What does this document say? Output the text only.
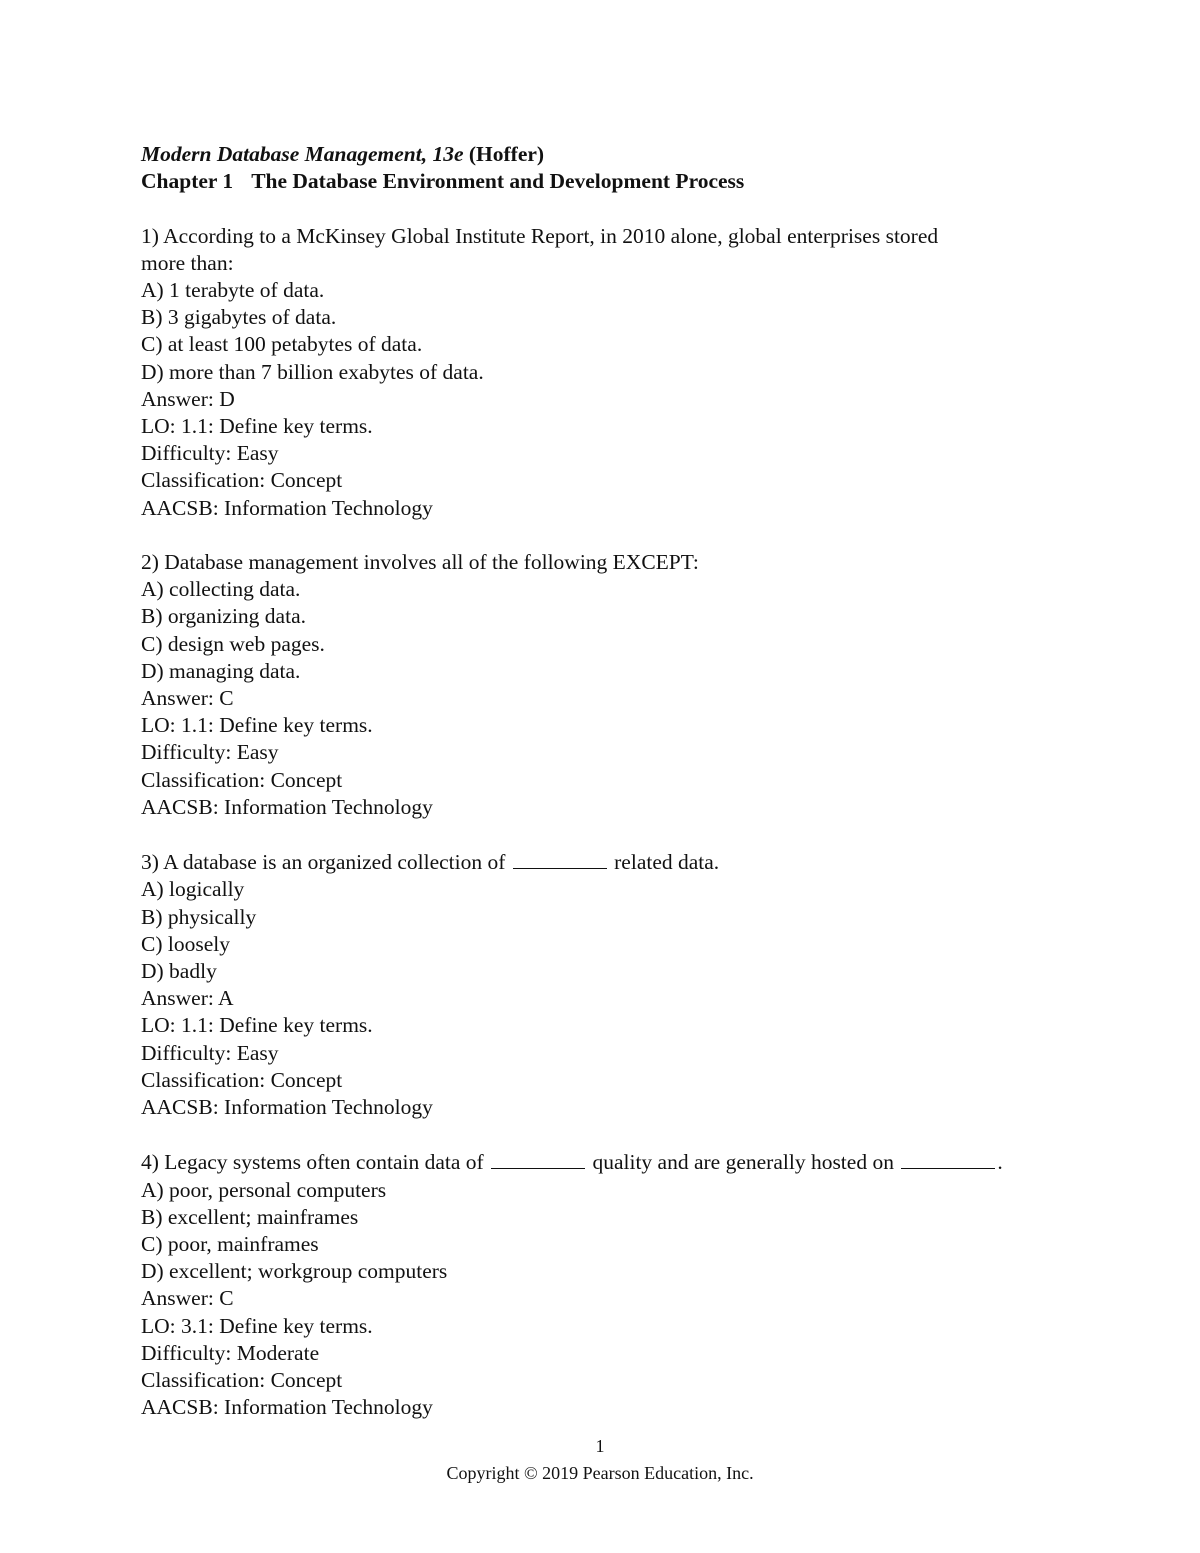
Modern Database Management, 13e (Hoffer)
Chapter 1 The Database Environment and Development Process
1) According to a McKinsey Global Institute Report, in 2010 alone, global enterprises stored
more than:
A) 1 terabyte of data.
B) 3 gigabytes of data.
C) at least 100 petabytes of data.
D) more than 7 billion exabytes of data.
Answer: D
LO: 1.1: Define key terms.
Difficulty: Easy
Classification: Concept
AACSB: Information Technology
2) Database management involves all of the following EXCEPT:
A) collecting data.
B) organizing data.
C) design web pages.
D) managing data.
Answer: C
LO: 1.1: Define key terms.
Difficulty: Easy
Classification: Concept
AACSB: Information Technology
3) A database is an organized collection of	related data.
A) logically
B) physically
C) loosely
D) badly
Answer: A
LO: 1.1: Define key terms.
Difficulty: Easy
Classification: Concept
AACSB: Information Technology
4) Legacy systems often contain data of	quality and are generally hosted on	.
A) poor, personal computers
B) excellent; mainframes
C) poor, mainframes
D) excellent; workgroup computers
Answer: C
LO: 3.1: Define key terms.
Difficulty: Moderate
Classification: Concept
AACSB: Information Technology
1
Copyright © 2019 Pearson Education, Inc.
